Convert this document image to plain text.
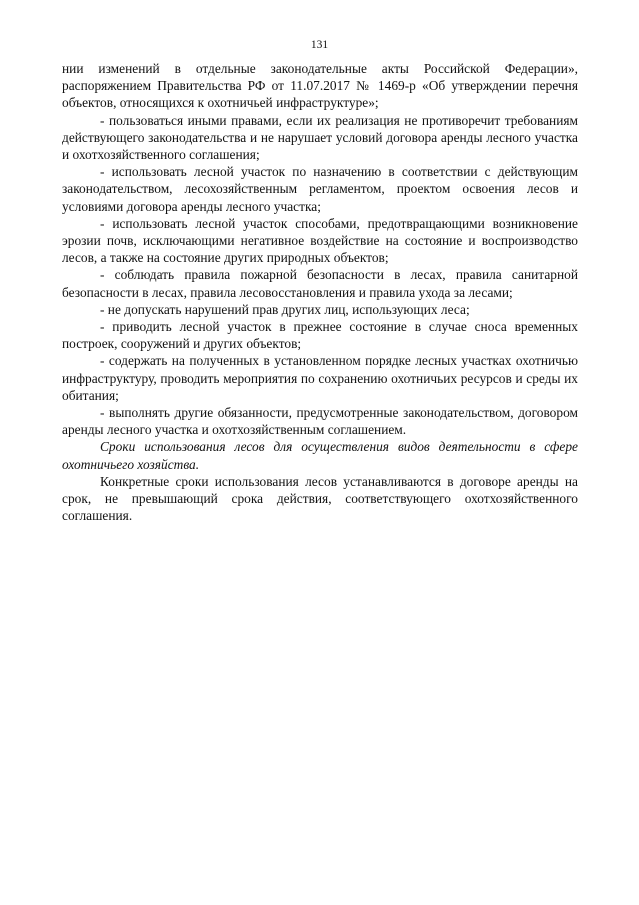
131

нии изменений в отдельные законодательные акты Российской Федерации», распоряжением Правительства РФ от 11.07.2017 № 1469-р «Об утверждении перечня объектов, относящихся к охотничьей инфраструктуре»;

- пользоваться иными правами, если их реализация не противоречит требованиям действующего законодательства и не нарушает условий договора аренды лесного участка и охотхозяйственного соглашения;

- использовать лесной участок по назначению в соответствии с действующим законодательством, лесохозяйственным регламентом, проектом освоения лесов и условиями договора аренды лесного участка;

- использовать лесной участок способами, предотвращающими возникновение эрозии почв, исключающими негативное воздействие на состояние и воспроизводство лесов, а также на состояние других природных объектов;

- соблюдать правила пожарной безопасности в лесах, правила санитарной безопасности в лесах, правила лесовосстановления и правила ухода за лесами;

- не допускать нарушений прав других лиц, использующих леса;

- приводить лесной участок в прежнее состояние в случае сноса временных построек, сооружений и других объектов;

- содержать на полученных в установленном порядке лесных участках охотничью инфраструктуру, проводить мероприятия по сохранению охотничьих ресурсов и среды их обитания;

- выполнять другие обязанности, предусмотренные законодательством, договором аренды лесного участка и охотхозяйственным соглашением.

Сроки использования лесов для осуществления видов деятельности в сфере охотничьего хозяйства.

Конкретные сроки использования лесов устанавливаются в договоре аренды на срок, не превышающий срока действия, соответствующего охотхозяйственного соглашения.
